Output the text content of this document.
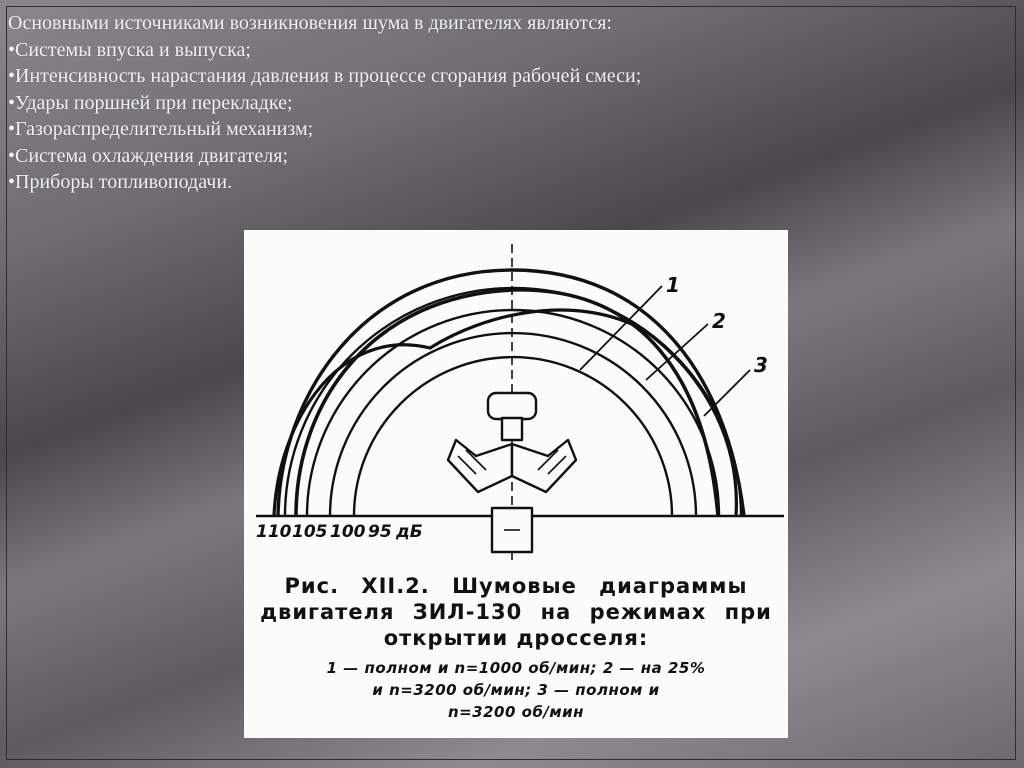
Основными источниками возникновения шума в двигателях являются:
•Системы впуска и выпуска;
•Интенсивность нарастания давления в процессе сгорания рабочей смеси;
•Удары поршней при перекладке;
•Газораспределительный механизм;
•Система охлаждения двигателя;
•Приборы топливоподачи.
1
2
3
110 105 100 95 дБ
Рис. XII.2. Шумовые диаграммы
двигателя ЗИЛ-130 на режимах при
открытии дросселя:
1 — полном и n=1000 об/мин; 2 — на 25%
и n=3200 об/мин; 3 — полном и
n=3200 об/мин
